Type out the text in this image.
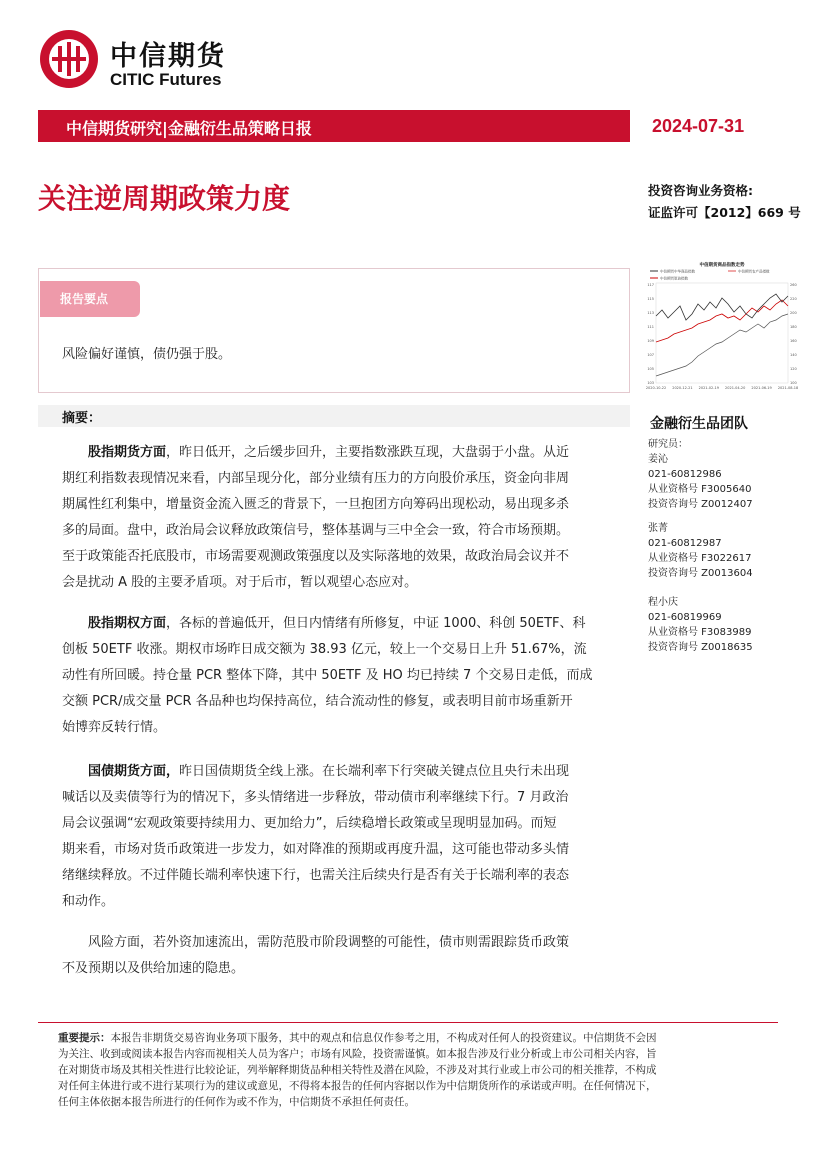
中信期货
CITIC Futures
中信期货研究|金融衍生品策略日报	2024-07-31
关注逆周期政策力度	投资咨询业务资格:
证监许可【2012】669 号
报告要点
风险偏好谨慎，债仍强于股。
中信期货商品指数走势
中信期货中华商品指数	中信期货农产品指数
中信期货原油指数
117
115
113
111
109
107
105
103
260
220
200
180
160
140
120
100
2020-10-22 2020-12-21 2021-02-19 2021-04-20 2021-06-19 2021-08-18
摘要：
股指期货方面，昨日低开，之后缓步回升，主要指数涨跌互现，大盘弱于小盘。从近
期红利指数表现情况来看，内部呈现分化，部分业绩有压力的方向股价承压，资金向非周
期属性红利集中，增量资金流入匮乏的背景下，一旦抱团方向筹码出现松动，易出现多杀
多的局面。盘中，政治局会议释放政策信号，整体基调与三中全会一致，符合市场预期。
至于政策能否托底股市，市场需要观测政策强度以及实际落地的效果，故政治局会议并不
会是扰动 A 股的主要矛盾项。对于后市，暂以观望心态应对。
股指期权方面，各标的普遍低开，但日内情绪有所修复，中证 1000、科创 50ETF、科
创板 50ETF 收涨。期权市场昨日成交额为 38.93 亿元，较上一个交易日上升 51.67%，流
动性有所回暖。持仓量 PCR 整体下降，其中 50ETF 及 HO 均已持续 7 个交易日走低，而成
交额 PCR/成交量 PCR 各品种也均保持高位，结合流动性的修复，或表明目前市场重新开
始博弈反转行情。
国债期货方面，昨日国债期货全线上涨。在长端利率下行突破关键点位且央行未出现
喊话以及卖债等行为的情况下，多头情绪进一步释放，带动债市利率继续下行。7 月政治
局会议强调“宏观政策要持续用力、更加给力”，后续稳增长政策或呈现明显加码。而短
期来看，市场对货币政策进一步发力，如对降准的预期或再度升温，这可能也带动多头情
绪继续释放。不过伴随长端利率快速下行，也需关注后续央行是否有关于长端利率的表态
和动作。
风险方面，若外资加速流出，需防范股市阶段调整的可能性，债市则需跟踪货币政策
不及预期以及供给加速的隐患。
金融衍生品团队
研究员：
姜沁
021-60812986
从业资格号 F3005640
投资咨询号 Z0012407
张菁
021-60812987
从业资格号 F3022617
投资咨询号 Z0013604
程小庆
021-60819969
从业资格号 F3083989
投资咨询号 Z0018635
重要提示：本报告非期货交易咨询业务项下服务，其中的观点和信息仅作参考之用，不构成对任何人的投资建议。中信期货不会因
为关注、收到或阅读本报告内容而视相关人员为客户；市场有风险，投资需谨慎。如本报告涉及行业分析或上市公司相关内容，旨
在对期货市场及其相关性进行比较论证，列举解释期货品种相关特性及潜在风险，不涉及对其行业或上市公司的相关推荐，不构成
对任何主体进行或不进行某项行为的建议或意见，不得将本报告的任何内容据以作为中信期货所作的承诺或声明。在任何情况下，
任何主体依据本报告所进行的任何作为或不作为，中信期货不承担任何责任。
